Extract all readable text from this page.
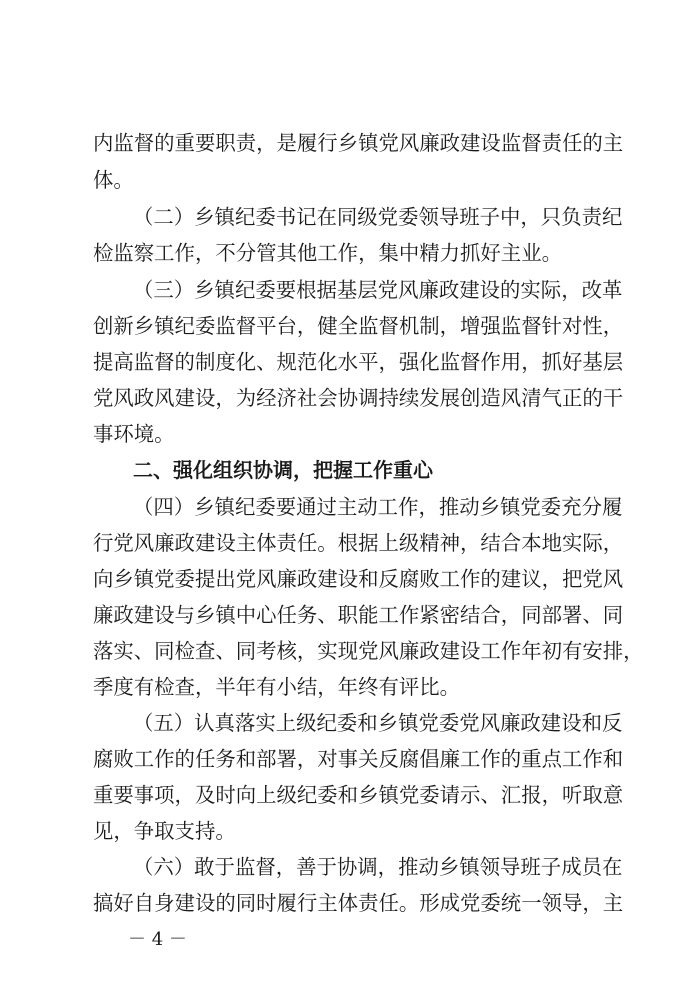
内监督的重要职责，是履行乡镇党风廉政建设监督责任的主
体。
（二）乡镇纪委书记在同级党委领导班子中，只负责纪
检监察工作，不分管其他工作，集中精力抓好主业。
（三）乡镇纪委要根据基层党风廉政建设的实际，改革
创新乡镇纪委监督平台，健全监督机制，增强监督针对性，
提高监督的制度化、规范化水平，强化监督作用，抓好基层
党风政风建设，为经济社会协调持续发展创造风清气正的干
事环境。
二、强化组织协调，把握工作重心
（四）乡镇纪委要通过主动工作，推动乡镇党委充分履
行党风廉政建设主体责任。根据上级精神，结合本地实际，
向乡镇党委提出党风廉政建设和反腐败工作的建议，把党风
廉政建设与乡镇中心任务、职能工作紧密结合，同部署、同
落实、同检查、同考核，实现党风廉政建设工作年初有安排，
季度有检查，半年有小结，年终有评比。
（五）认真落实上级纪委和乡镇党委党风廉政建设和反
腐败工作的任务和部署，对事关反腐倡廉工作的重点工作和
重要事项，及时向上级纪委和乡镇党委请示、汇报，听取意
见，争取支持。
（六）敢于监督，善于协调，推动乡镇领导班子成员在
搞好自身建设的同时履行主体责任。形成党委统一领导，主
－ 4 －
